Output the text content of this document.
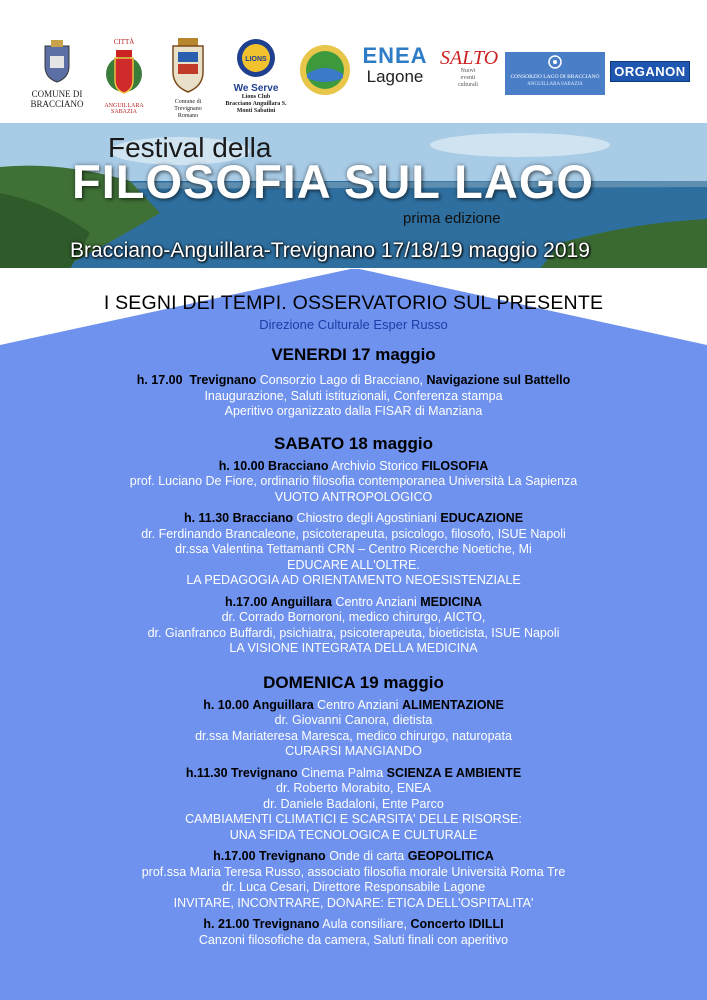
COMUNE DI
BRACCIANO
CITTÀ
ANGUILLARA SABAZIA
Comune di
Trevignano Romano
LIONS
We Serve
Lions Club
Bracciano Anguillara S.
Monti Sabatini
ENEA
Lagone
SALTO
Nuovi
eventi
culturali
CONSORZIO LAGO DI BRACCIANO
ANGUILLARA SABAZIA
ORGANON
Festival della
FILOSOFIA SUL LAGO
prima edizione
Bracciano-Anguillara-Trevignano 17/18/19 maggio 2019
I SEGNI DEI TEMPI. OSSERVATORIO SUL PRESENTE
Direzione Culturale Esper Russo
VENERDI 17 maggio
h. 17.00 Trevignano Consorzio Lago di Bracciano, Navigazione sul Battello
Inaugurazione, Saluti istituzionali, Conferenza stampa
Aperitivo organizzato dalla FISAR di Manziana
SABATO 18 maggio
h. 10.00 Bracciano Archivio Storico FILOSOFIA
prof. Luciano De Fiore, ordinario filosofia contemporanea Università La Sapienza
VUOTO ANTROPOLOGICO
h. 11.30 Bracciano Chiostro degli Agostiniani EDUCAZIONE
dr. Ferdinando Brancaleone, psicoterapeuta, psicologo, filosofo, ISUE Napoli
dr.ssa Valentina Tettamanti CRN – Centro Ricerche Noetiche, Mi
EDUCARE ALL'OLTRE.
LA PEDAGOGIA AD ORIENTAMENTO NEOESISTENZIALE
h.17.00 Anguillara Centro Anziani MEDICINA
dr. Corrado Bornoroni, medico chirurgo, AICTO,
dr. Gianfranco Buffardi, psichiatra, psicoterapeuta, bioeticista, ISUE Napoli
LA VISIONE INTEGRATA DELLA MEDICINA
DOMENICA 19 maggio
h. 10.00 Anguillara Centro Anziani ALIMENTAZIONE
dr. Giovanni Canora, dietista
dr.ssa Mariateresa Maresca, medico chirurgo, naturopata
CURARSI MANGIANDO
h.11.30 Trevignano Cinema Palma SCIENZA E AMBIENTE
dr. Roberto Morabito, ENEA
dr. Daniele Badaloni, Ente Parco
CAMBIAMENTI CLIMATICI E SCARSITA' DELLE RISORSE:
UNA SFIDA TECNOLOGICA E CULTURALE
h.17.00 Trevignano Onde di carta GEOPOLITICA
prof.ssa Maria Teresa Russo, associato filosofia morale Università Roma Tre
dr. Luca Cesari, Direttore Responsabile Lagone
INVITARE, INCONTRARE, DONARE: ETICA DELL'OSPITALITA'
h. 21.00 Trevignano Aula consiliare, Concerto IDILLI
Canzoni filosofiche da camera, Saluti finali con aperitivo
